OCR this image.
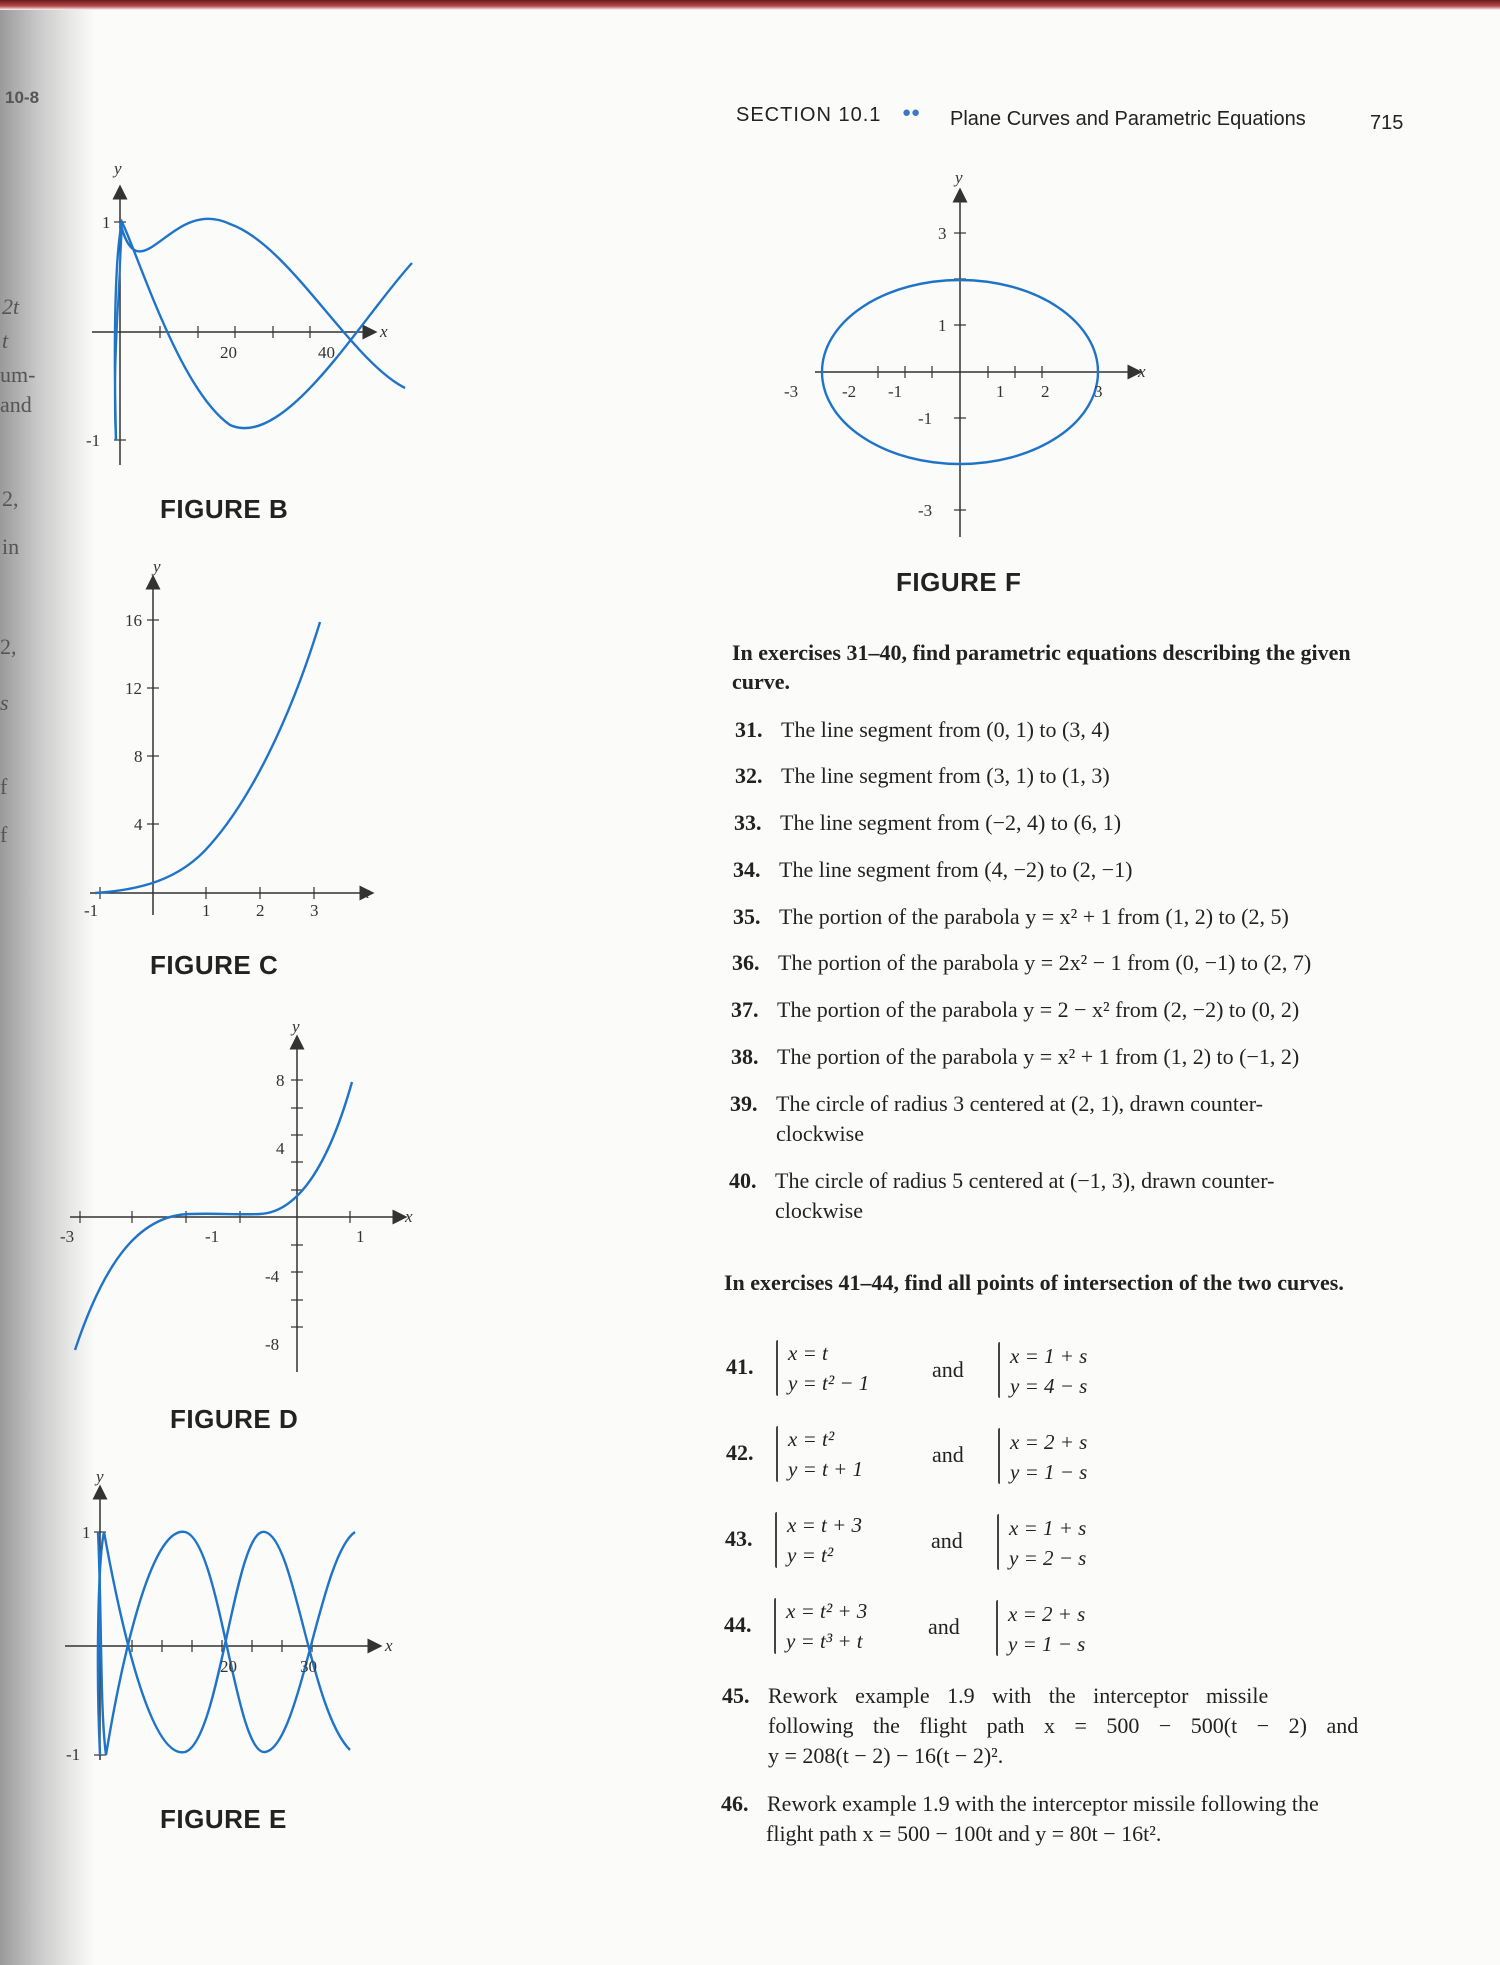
10-8
2t
t
um-
and
2,
in
2,
s
f
f
SECTION 10.1 ●● Plane Curves and Parametric Equations	715
x
y
20	40
1
-1
FIGURE B
x
y
-1	1	2	3
16
12
8
4
FIGURE C
x
y
-3	-1	1
8
4
-4
-8
FIGURE D
x
y
20	30
1
-1
FIGURE E
x
y
-3	-2 -1	1 2	3
3
1
-1
-3
FIGURE F
In exercises 31–40, find parametric equations describing the given curve.
31. The line segment from (0, 1) to (3, 4)
32. The line segment from (3, 1) to (1, 3)
33. The line segment from (−2, 4) to (6, 1)
34. The line segment from (4, −2) to (2, −1)
35. The portion of the parabola y = x² + 1 from (1, 2) to (2, 5)
36. The portion of the parabola y = 2x² − 1 from (0, −1) to (2, 7)
37. The portion of the parabola y = 2 − x² from (2, −2) to (0, 2)
38. The portion of the parabola y = x² + 1 from (1, 2) to (−1, 2)
39. The circle of radius 3 centered at (2, 1), drawn counter-
clockwise
40. The circle of radius 5 centered at (−1, 3), drawn counter-
clockwise
In exercises 41–44, find all points of intersection of the two curves.
41.
x = t
y = t² − 1
and
x = 1 + s
y = 4 − s
42.
x = t²
y = t + 1
and x = 2 + s
y = 1 − s
43.
x = t + 3
y = t²
and x = 1 + s
y = 2 − s
44.
x = t² + 3
y = t³ + t
and x = 2 + s
y = 1 − s
45. Rework example 1.9 with the interceptor missile
following the flight path x = 500 − 500(t − 2) and
y = 208(t − 2) − 16(t − 2)².
46. Rework example 1.9 with the interceptor missile following the
flight path x = 500 − 100t and y = 80t − 16t².
